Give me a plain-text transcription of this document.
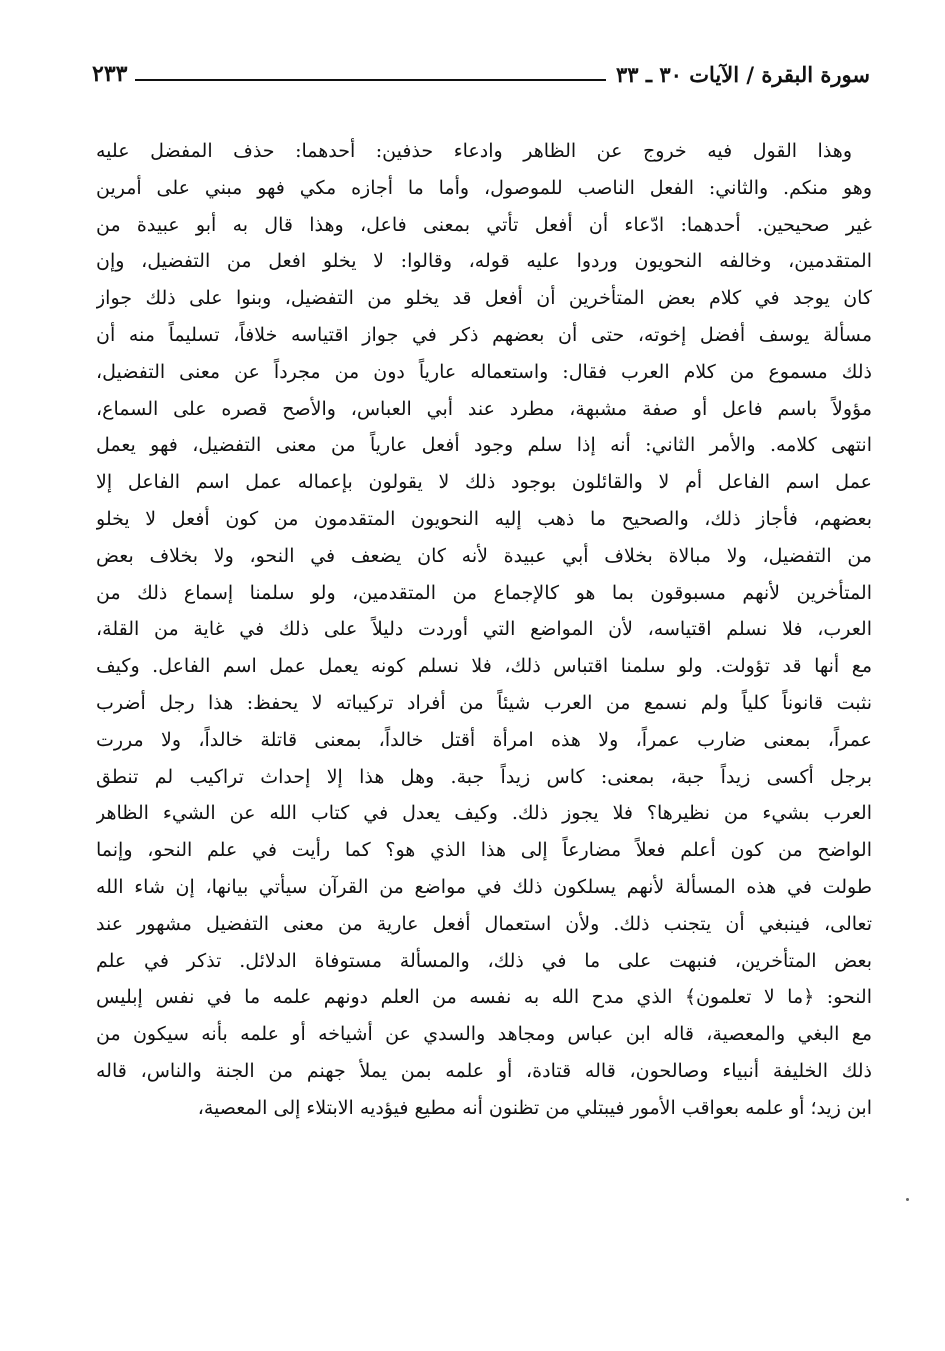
سورة البقرة / الآيات ٣٠ ـ ٣٣
٢٣٣
وهذا القول فيه خروج عن الظاهر وادعاء حذفين: أحدهما: حذف المفضل عليه
وهو منكم. والثاني: الفعل الناصب للموصول، وأما ما أجازه مكي فهو مبني على أمرين
غير صحيحين. أحدهما: ادّعاء أن أفعل تأتي بمعنى فاعل، وهذا قال به أبو عبيدة من
المتقدمين، وخالفه النحويون وردوا عليه قوله، وقالوا: لا يخلو افعل من التفضيل، وإن
كان يوجد في كلام بعض المتأخرين أن أفعل قد يخلو من التفضيل، وبنوا على ذلك جواز
مسألة يوسف أفضل إخوته، حتى أن بعضهم ذكر في جواز اقتياسه خلافاً، تسليماً منه أن
ذلك مسموع من كلام العرب فقال: واستعماله عارياً دون من مجرداً عن معنى التفضيل،
مؤولاً باسم فاعل أو صفة مشبهة، مطرد عند أبي العباس، والأصح قصره على السماع،
انتهى كلامه. والأمر الثاني: أنه إذا سلم وجود أفعل عارياً من معنى التفضيل، فهو يعمل
عمل اسم الفاعل أم لا والقائلون بوجود ذلك لا يقولون بإعماله عمل اسم الفاعل إلا
بعضهم، فأجاز ذلك، والصحيح ما ذهب إليه النحويون المتقدمون من كون أفعل لا يخلو
من التفضيل، ولا مبالاة بخلاف أبي عبيدة لأنه كان يضعف في النحو، ولا بخلاف بعض
المتأخرين لأنهم مسبوقون بما هو كالإجماع من المتقدمين، ولو سلمنا إسماع ذلك من
العرب، فلا نسلم اقتياسه، لأن المواضع التي أوردت دليلاً على ذلك في غاية من القلة،
مع أنها قد تؤولت. ولو سلمنا اقتباس ذلك، فلا نسلم كونه يعمل عمل اسم الفاعل. وكيف
نثبت قانوناً كلياً ولم نسمع من العرب شيئاً من أفراد تركيباته لا يحفظ: هذا رجل أضرب
عمراً، بمعنى ضارب عمراً، ولا هذه امرأة أقتل خالداً، بمعنى قاتلة خالداً، ولا مررت
برجل أكسى زيداً جبة، بمعنى: كاس زيداً جبة. وهل هذا إلا إحداث تراكيب لم تنطق
العرب بشيء من نظيرها؟ فلا يجوز ذلك. وكيف يعدل في كتاب الله عن الشيء الظاهر
الواضح من كون أعلم فعلاً مضارعاً إلى هذا الذي هو؟ كما رأيت في علم النحو، وإنما
طولت في هذه المسألة لأنهم يسلكون ذلك في مواضع من القرآن سيأتي بيانها، إن شاء الله
تعالى، فينبغي أن يتجنب ذلك. ولأن استعمال أفعل عارية من معنى التفضيل مشهور عند
بعض المتأخرين، فنبهت على ما في ذلك، والمسألة مستوفاة الدلائل. تذكر في علم
النحو: ﴿ما لا تعلمون﴾ الذي مدح الله به نفسه من العلم دونهم علمه ما في نفس إبليس
مع البغي والمعصية، قاله ابن عباس ومجاهد والسدي عن أشياخه أو علمه بأنه سيكون من
ذلك الخليفة أنبياء وصالحون، قاله قتادة، أو علمه بمن يملأ جهنم من الجنة والناس، قاله
ابن زيد؛ أو علمه بعواقب الأمور فيبتلي من تظنون أنه مطيع فيؤديه الابتلاء إلى المعصية،
